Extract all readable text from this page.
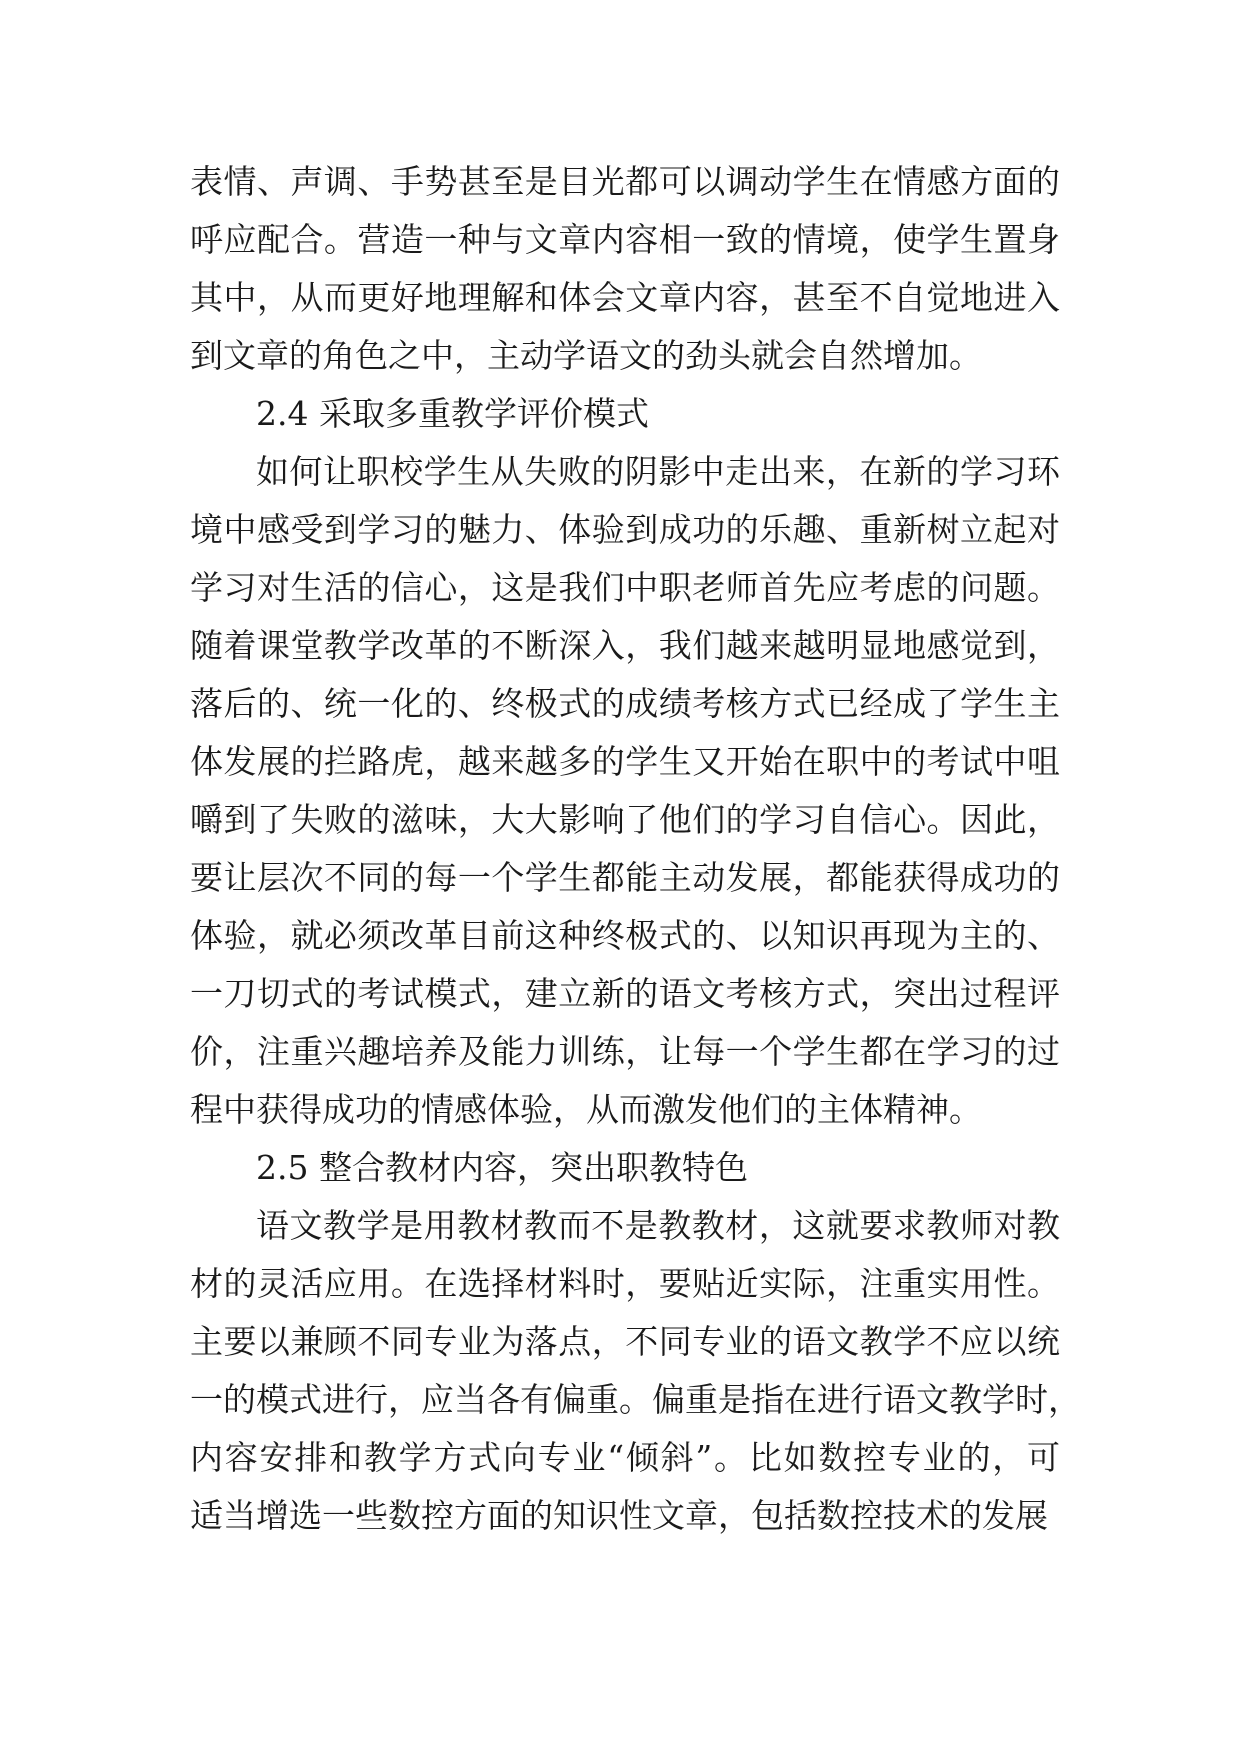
表情、声调、手势甚至是目光都可以调动学生在情感方面的
呼应配合。营造一种与文章内容相一致的情境，使学生置身
其中，从而更好地理解和体会文章内容，甚至不自觉地进入
到文章的角色之中，主动学语文的劲头就会自然增加。
2.4 采取多重教学评价模式
如何让职校学生从失败的阴影中走出来，在新的学习环
境中感受到学习的魅力、体验到成功的乐趣、重新树立起对
学习对生活的信心，这是我们中职老师首先应考虑的问题。
随着课堂教学改革的不断深入，我们越来越明显地感觉到，
落后的、统一化的、终极式的成绩考核方式已经成了学生主
体发展的拦路虎，越来越多的学生又开始在职中的考试中咀
嚼到了失败的滋味，大大影响了他们的学习自信心。因此，
要让层次不同的每一个学生都能主动发展，都能获得成功的
体验，就必须改革目前这种终极式的、以知识再现为主的、
一刀切式的考试模式，建立新的语文考核方式，突出过程评
价，注重兴趣培养及能力训练，让每一个学生都在学习的过
程中获得成功的情感体验，从而激发他们的主体精神。
2.5 整合教材内容，突出职教特色
语文教学是用教材教而不是教教材，这就要求教师对教
材的灵活应用。在选择材料时，要贴近实际，注重实用性。
主要以兼顾不同专业为落点，不同专业的语文教学不应以统
一的模式进行，应当各有偏重。偏重是指在进行语文教学时，
内容安排和教学方式向专业“倾斜”。比如数控专业的，可
适当增选一些数控方面的知识性文章，包括数控技术的发展
